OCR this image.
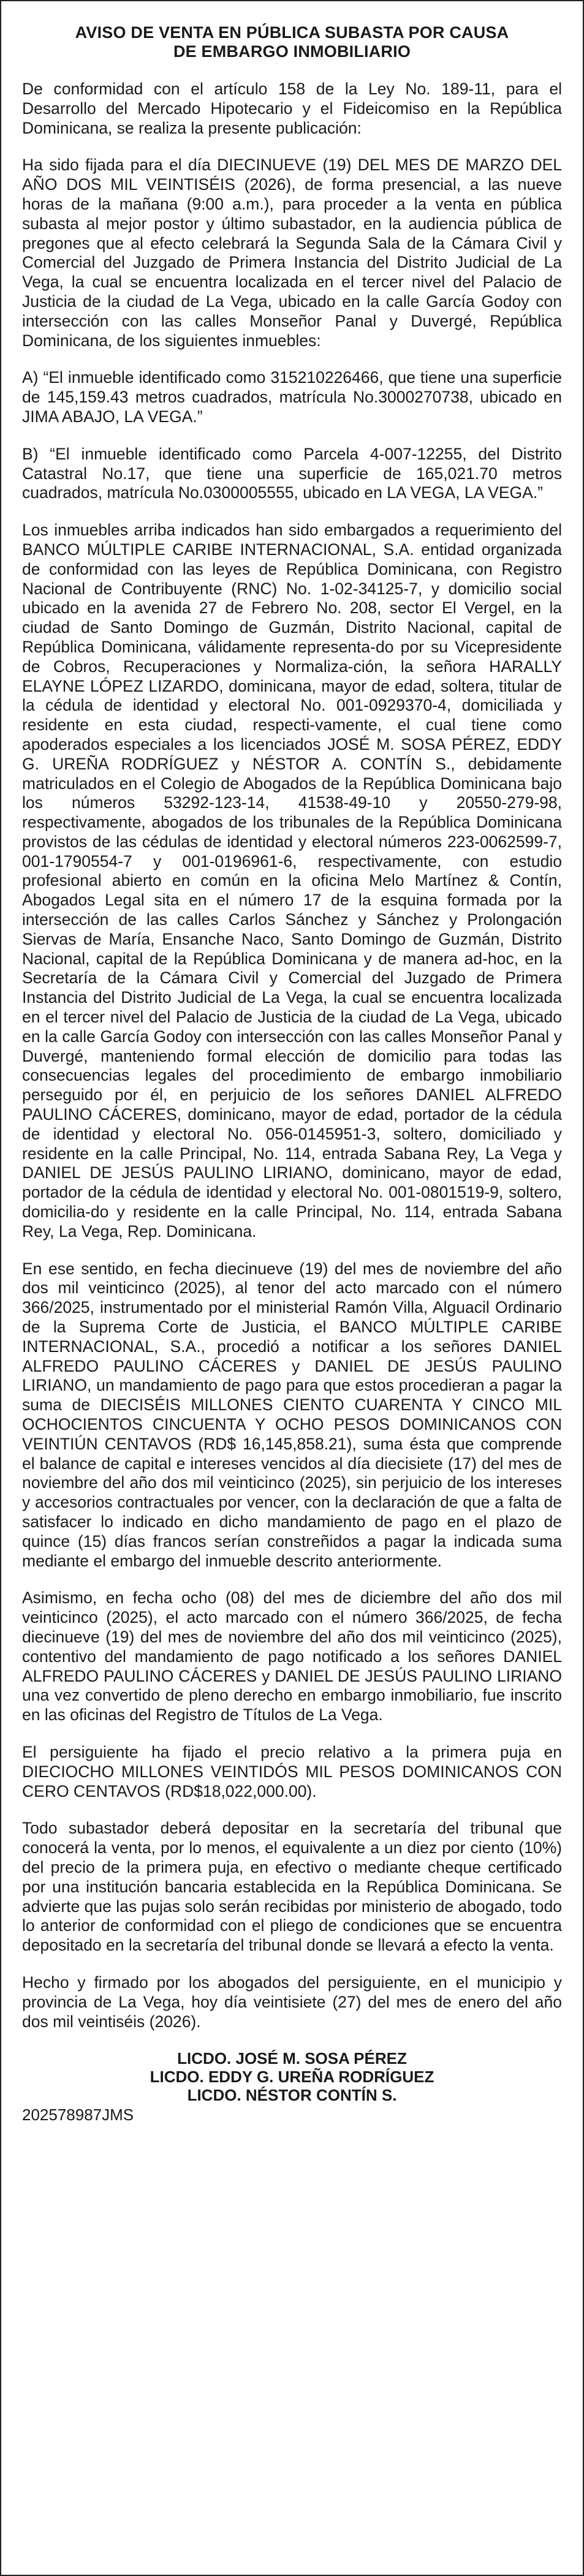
AVISO DE VENTA EN PÚBLICA SUBASTA POR CAUSA
DE EMBARGO INMOBILIARIO

De conformidad con el artículo 158 de la Ley No. 189-11, para el Desarrollo del Mercado Hipotecario y el Fideicomiso en la República Dominicana, se realiza la presente publicación:

Ha sido fijada para el día DIECINUEVE (19) DEL MES DE MARZO DEL AÑO DOS MIL VEINTISÉIS (2026), de forma presencial, a las nueve horas de la mañana (9:00 a.m.), para proceder a la venta en pública subasta al mejor postor y último subastador, en la audiencia pública de pregones que al efecto celebrará la Segunda Sala de la Cámara Civil y Comercial del Juzgado de Primera Instancia del Distrito Judicial de La Vega, la cual se encuentra localizada en el tercer nivel del Palacio de Justicia de la ciudad de La Vega, ubicado en la calle García Godoy con intersección con las calles Monseñor Panal y Duvergé, República Dominicana, de los siguientes inmuebles:

A) “El inmueble identificado como 315210226466, que tiene una superficie de 145,159.43 metros cuadrados, matrícula No.3000270738, ubicado en JIMA ABAJO, LA VEGA.”

B) “El inmueble identificado como Parcela 4-007-12255, del Distrito Catastral No.17, que tiene una superficie de 165,021.70 metros cuadrados, matrícula No.0300005555, ubicado en LA VEGA, LA VEGA.”

Los inmuebles arriba indicados han sido embargados a requerimiento del BANCO MÚLTIPLE CARIBE INTERNACIONAL, S.A. entidad organizada de conformidad con las leyes de República Dominicana, con Registro Nacional de Contribuyente (RNC) No. 1-02-34125-7, y domicilio social ubicado en la avenida 27 de Febrero No. 208, sector El Vergel, en la ciudad de Santo Domingo de Guzmán, Distrito Nacional, capital de República Dominicana, válidamente representa-do por su Vicepresidente de Cobros, Recuperaciones y Normaliza-ción, la señora HARALLY ELAYNE LÓPEZ LIZARDO, dominicana, mayor de edad, soltera, titular de la cédula de identidad y electoral No. 001-0929370-4, domiciliada y residente en esta ciudad, respecti-vamente, el cual tiene como apoderados especiales a los licenciados JOSÉ M. SOSA PÉREZ, EDDY G. UREÑA RODRÍGUEZ y NÉSTOR A. CONTÍN S., debidamente matriculados en el Colegio de Abogados de la República Dominicana bajo los números 53292-123-14, 41538-49-10 y 20550-279-98, respectivamente, abogados de los tribunales de la República Dominicana provistos de las cédulas de identidad y electoral números 223-0062599-7, 001-1790554-7 y 001-0196961-6, respectivamente, con estudio profesional abierto en común en la oficina Melo Martínez & Contín, Abogados Legal sita en el número 17 de la esquina formada por la intersección de las calles Carlos Sánchez y Sánchez y Prolongación Siervas de María, Ensanche Naco, Santo Domingo de Guzmán, Distrito Nacional, capital de la República Dominicana y de manera ad-hoc, en la Secretaría de la Cámara Civil y Comercial del Juzgado de Primera Instancia del Distrito Judicial de La Vega, la cual se encuentra localizada en el tercer nivel del Palacio de Justicia de la ciudad de La Vega, ubicado en la calle García Godoy con intersección con las calles Monseñor Panal y Duvergé, manteniendo formal elección de domicilio para todas las consecuencias legales del procedimiento de embargo inmobiliario perseguido por él, en perjuicio de los señores DANIEL ALFREDO PAULINO CÁCERES, dominicano, mayor de edad, portador de la cédula de identidad y electoral No. 056-0145951-3, soltero, domiciliado y residente en la calle Principal, No. 114, entrada Sabana Rey, La Vega y DANIEL DE JESÚS PAULINO LIRIANO, dominicano, mayor de edad, portador de la cédula de identidad y electoral No. 001-0801519-9, soltero, domicilia-do y residente en la calle Principal, No. 114, entrada Sabana Rey, La Vega, Rep. Dominicana.

En ese sentido, en fecha diecinueve (19) del mes de noviembre del año dos mil veinticinco (2025), al tenor del acto marcado con el número 366/2025, instrumentado por el ministerial Ramón Villa, Alguacil Ordinario de la Suprema Corte de Justicia, el BANCO MÚLTIPLE CARIBE INTERNACIONAL, S.A., procedió a notificar a los señores DANIEL ALFREDO PAULINO CÁCERES y DANIEL DE JESÚS PAULINO LIRIANO, un mandamiento de pago para que estos procedieran a pagar la suma de DIECISÉIS MILLONES CIENTO CUARENTA Y CINCO MIL OCHOCIENTOS CINCUENTA Y OCHO PESOS DOMINICANOS CON VEINTIÚN CENTAVOS (RD$ 16,145,858.21), suma ésta que comprende el balance de capital e intereses vencidos al día diecisiete (17) del mes de noviembre del año dos mil veinticinco (2025), sin perjuicio de los intereses y accesorios contractuales por vencer, con la declaración de que a falta de satisfacer lo indicado en dicho mandamiento de pago en el plazo de quince (15) días francos serían constreñidos a pagar la indicada suma mediante el embargo del inmueble descrito anteriormente.

Asimismo, en fecha ocho (08) del mes de diciembre del año dos mil veinticinco (2025), el acto marcado con el número 366/2025, de fecha diecinueve (19) del mes de noviembre del año dos mil veinticinco (2025), contentivo del mandamiento de pago notificado a los señores DANIEL ALFREDO PAULINO CÁCERES y DANIEL DE JESÚS PAULINO LIRIANO una vez convertido de pleno derecho en embargo inmobiliario, fue inscrito en las oficinas del Registro de Títulos de La Vega.

El persiguiente ha fijado el precio relativo a la primera puja en DIECIOCHO MILLONES VEINTIDÓS MIL PESOS DOMINICANOS CON CERO CENTAVOS (RD$18,022,000.00).

Todo subastador deberá depositar en la secretaría del tribunal que conocerá la venta, por lo menos, el equivalente a un diez por ciento (10%) del precio de la primera puja, en efectivo o mediante cheque certificado por una institución bancaria establecida en la República Dominicana. Se advierte que las pujas solo serán recibidas por ministerio de abogado, todo lo anterior de conformidad con el pliego de condiciones que se encuentra depositado en la secretaría del tribunal donde se llevará a efecto la venta.

Hecho y firmado por los abogados del persiguiente, en el municipio y provincia de La Vega, hoy día veintisiete (27) del mes de enero del año dos mil veintiséis (2026).

LICDO. JOSÉ M. SOSA PÉREZ
LICDO. EDDY G. UREÑA RODRÍGUEZ
LICDO. NÉSTOR CONTÍN S.
202578987JMS
